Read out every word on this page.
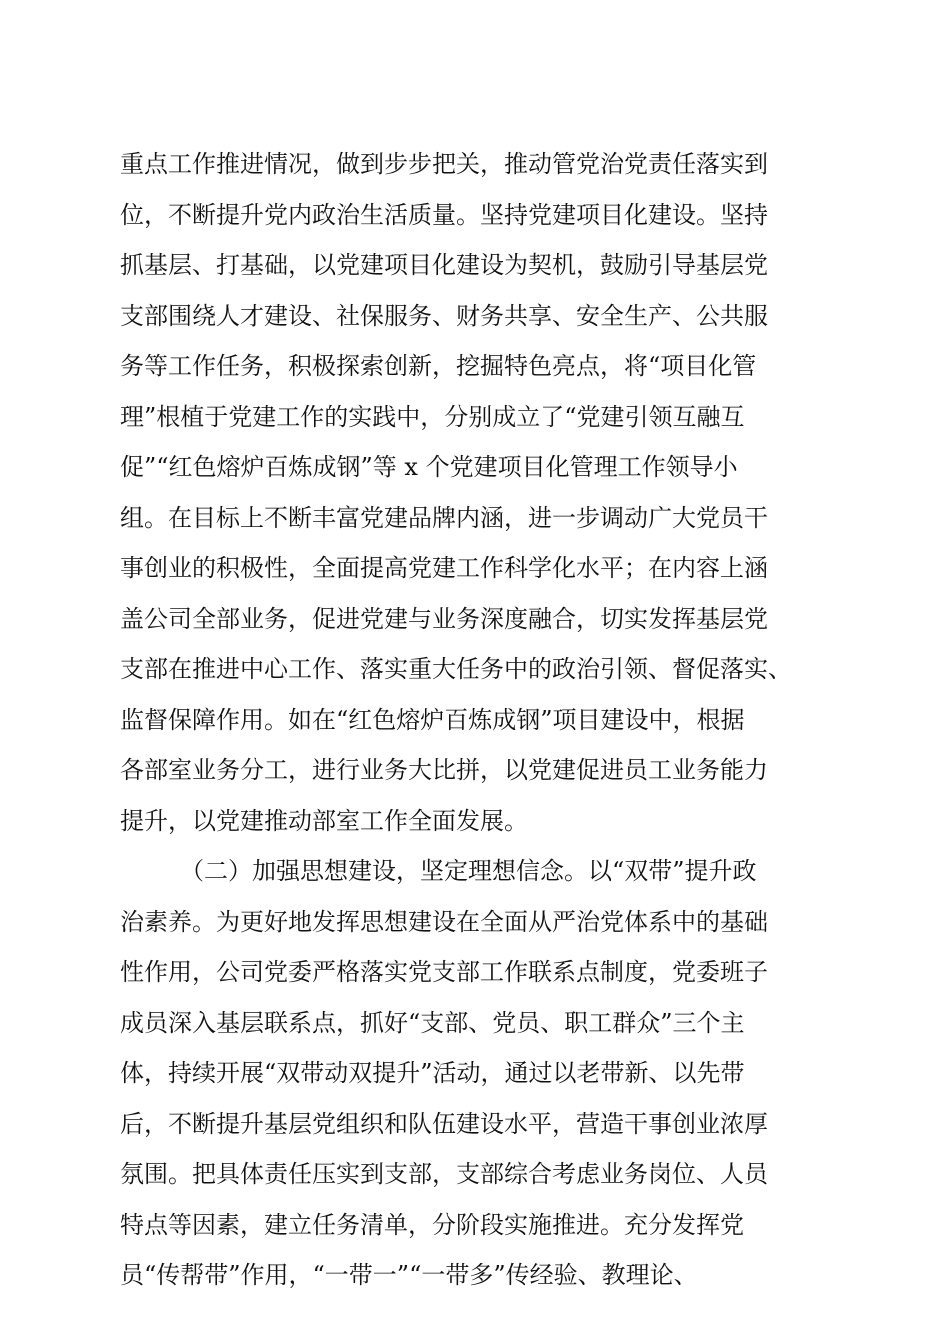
重点工作推进情况，做到步步把关，推动管党治党责任落实到
位，不断提升党内政治生活质量。坚持党建项目化建设。坚持
抓基层、打基础，以党建项目化建设为契机，鼓励引导基层党
支部围绕人才建设、社保服务、财务共享、安全生产、公共服
务等工作任务，积极探索创新，挖掘特色亮点，将“项目化管
理”根植于党建工作的实践中，分别成立了“党建引领互融互
促”“红色熔炉百炼成钢”等 x 个党建项目化管理工作领导小
组。在目标上不断丰富党建品牌内涵，进一步调动广大党员干
事创业的积极性，全面提高党建工作科学化水平；在内容上涵
盖公司全部业务，促进党建与业务深度融合，切实发挥基层党
支部在推进中心工作、落实重大任务中的政治引领、督促落实、
监督保障作用。如在“红色熔炉百炼成钢”项目建设中，根据
各部室业务分工，进行业务大比拼，以党建促进员工业务能力
提升，以党建推动部室工作全面发展。
（二）加强思想建设，坚定理想信念。以“双带”提升政
治素养。为更好地发挥思想建设在全面从严治党体系中的基础
性作用，公司党委严格落实党支部工作联系点制度，党委班子
成员深入基层联系点，抓好“支部、党员、职工群众”三个主
体，持续开展“双带动双提升”活动，通过以老带新、以先带
后，不断提升基层党组织和队伍建设水平，营造干事创业浓厚
氛围。把具体责任压实到支部，支部综合考虑业务岗位、人员
特点等因素，建立任务清单，分阶段实施推进。充分发挥党
员“传帮带”作用，“一带一”“一带多”传经验、教理论、
